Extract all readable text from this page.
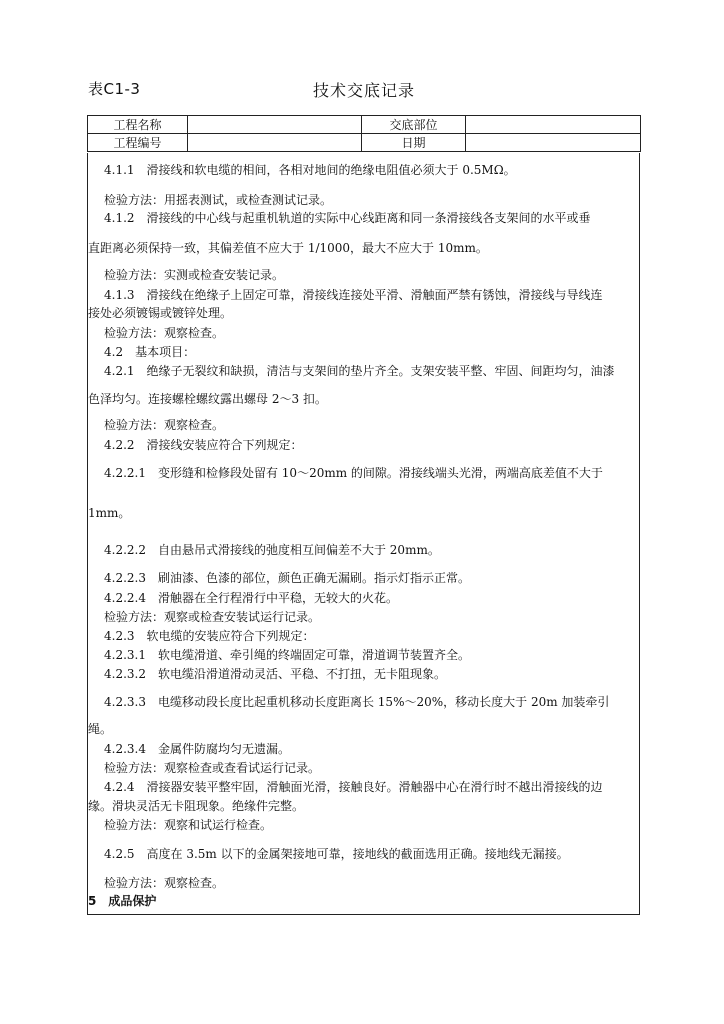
表C1-3	技术交底记录
工程名称		交底部位	
工程编号		日期	
4.1.1　滑接线和软电缆的相间，各相对地间的绝缘电阻值必须大于 0.5MΩ。
检验方法：用摇表测试，或检查测试记录。
4.1.2　滑接线的中心线与起重机轨道的实际中心线距离和同一条滑接线各支架间的水平或垂
直距离必须保持一致，其偏差值不应大于 1/1000，最大不应大于 10mm。
检验方法：实测或检查安装记录。
4.1.3　滑接线在绝缘子上固定可靠，滑接线连接处平滑、滑触面严禁有锈蚀，滑接线与导线连
接处必须镀锡或镀锌处理。
检验方法：观察检查。
4.2　基本项目：
4.2.1　绝缘子无裂纹和缺损，清洁与支架间的垫片齐全。支架安装平整、牢固、间距均匀，油漆
色泽均匀。连接螺栓螺纹露出螺母 2～3 扣。
检验方法：观察检查。
4.2.2　滑接线安装应符合下列规定：
4.2.2.1　变形缝和检修段处留有 10～20mm 的间隙。滑接线端头光滑，两端高底差值不大于
1mm。
4.2.2.2　自由悬吊式滑接线的弛度相互间偏差不大于 20mm。
4.2.2.3　刷油漆、色漆的部位，颜色正确无漏刷。指示灯指示正常。
4.2.2.4　滑触器在全行程滑行中平稳，无较大的火花。
检验方法：观察或检查安装试运行记录。
4.2.3　软电缆的安装应符合下列规定：
4.2.3.1　软电缆滑道、牵引绳的终端固定可靠，滑道调节装置齐全。
4.2.3.2　软电缆沿滑道滑动灵活、平稳、不打扭，无卡阻现象。
4.2.3.3　电缆移动段长度比起重机移动长度距离长 15%～20%，移动长度大于 20m 加装牵引
绳。
4.2.3.4　金属件防腐均匀无遗漏。
检验方法：观察检查或查看试运行记录。
4.2.4　滑接器安装平整牢固，滑触面光滑，接触良好。滑触器中心在滑行时不越出滑接线的边
缘。滑块灵活无卡阻现象。绝缘件完整。
检验方法：观察和试运行检查。
4.2.5　高度在 3.5m 以下的金属架接地可靠，接地线的截面选用正确。接地线无漏接。
检验方法：观察检查。
5　成品保护
